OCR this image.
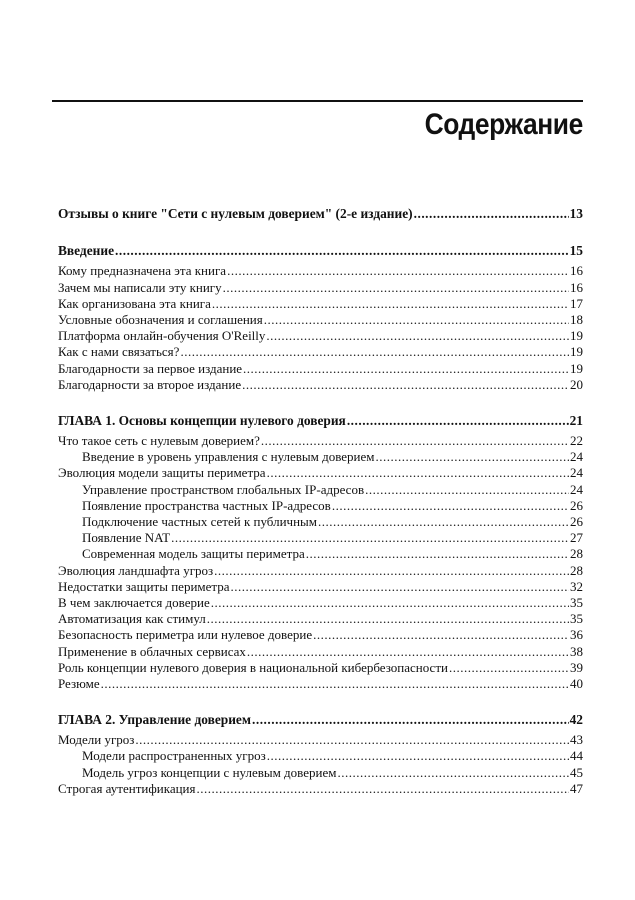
Содержание
Отзывы о книге "Сети с нулевым доверием" (2-е издание) .....	13
Введение .....	15
Кому предназначена эта книга .....	16
Зачем мы написали эту книгу .....	16
Как организована эта книга .....	17
Условные обозначения и соглашения .....	18
Платформа онлайн-обучения O'Reilly .....	19
Как с нами связаться? .....	19
Благодарности за первое издание .....	19
Благодарности за второе издание .....	20
ГЛАВА 1. Основы концепции нулевого доверия .....	21
Что такое сеть с нулевым доверием? .....	22
Введение в уровень управления с нулевым доверием .....	24
Эволюция модели защиты периметра .....	24
Управление пространством глобальных IP-адресов .....	24
Появление пространства частных IP-адресов .....	26
Подключение частных сетей к публичным .....	26
Появление NAT .....	27
Современная модель защиты периметра .....	28
Эволюция ландшафта угроз .....	28
Недостатки защиты периметра .....	32
В чем заключается доверие .....	35
Автоматизация как стимул .....	35
Безопасность периметра или нулевое доверие .....	36
Применение в облачных сервисах .....	38
Роль концепции нулевого доверия в национальной кибербезопасности .....	39
Резюме .....	40
ГЛАВА 2. Управление доверием .....	42
Модели угроз .....	43
Модели распространенных угроз .....	44
Модель угроз концепции с нулевым доверием .....	45
Строгая аутентификация .....	47
